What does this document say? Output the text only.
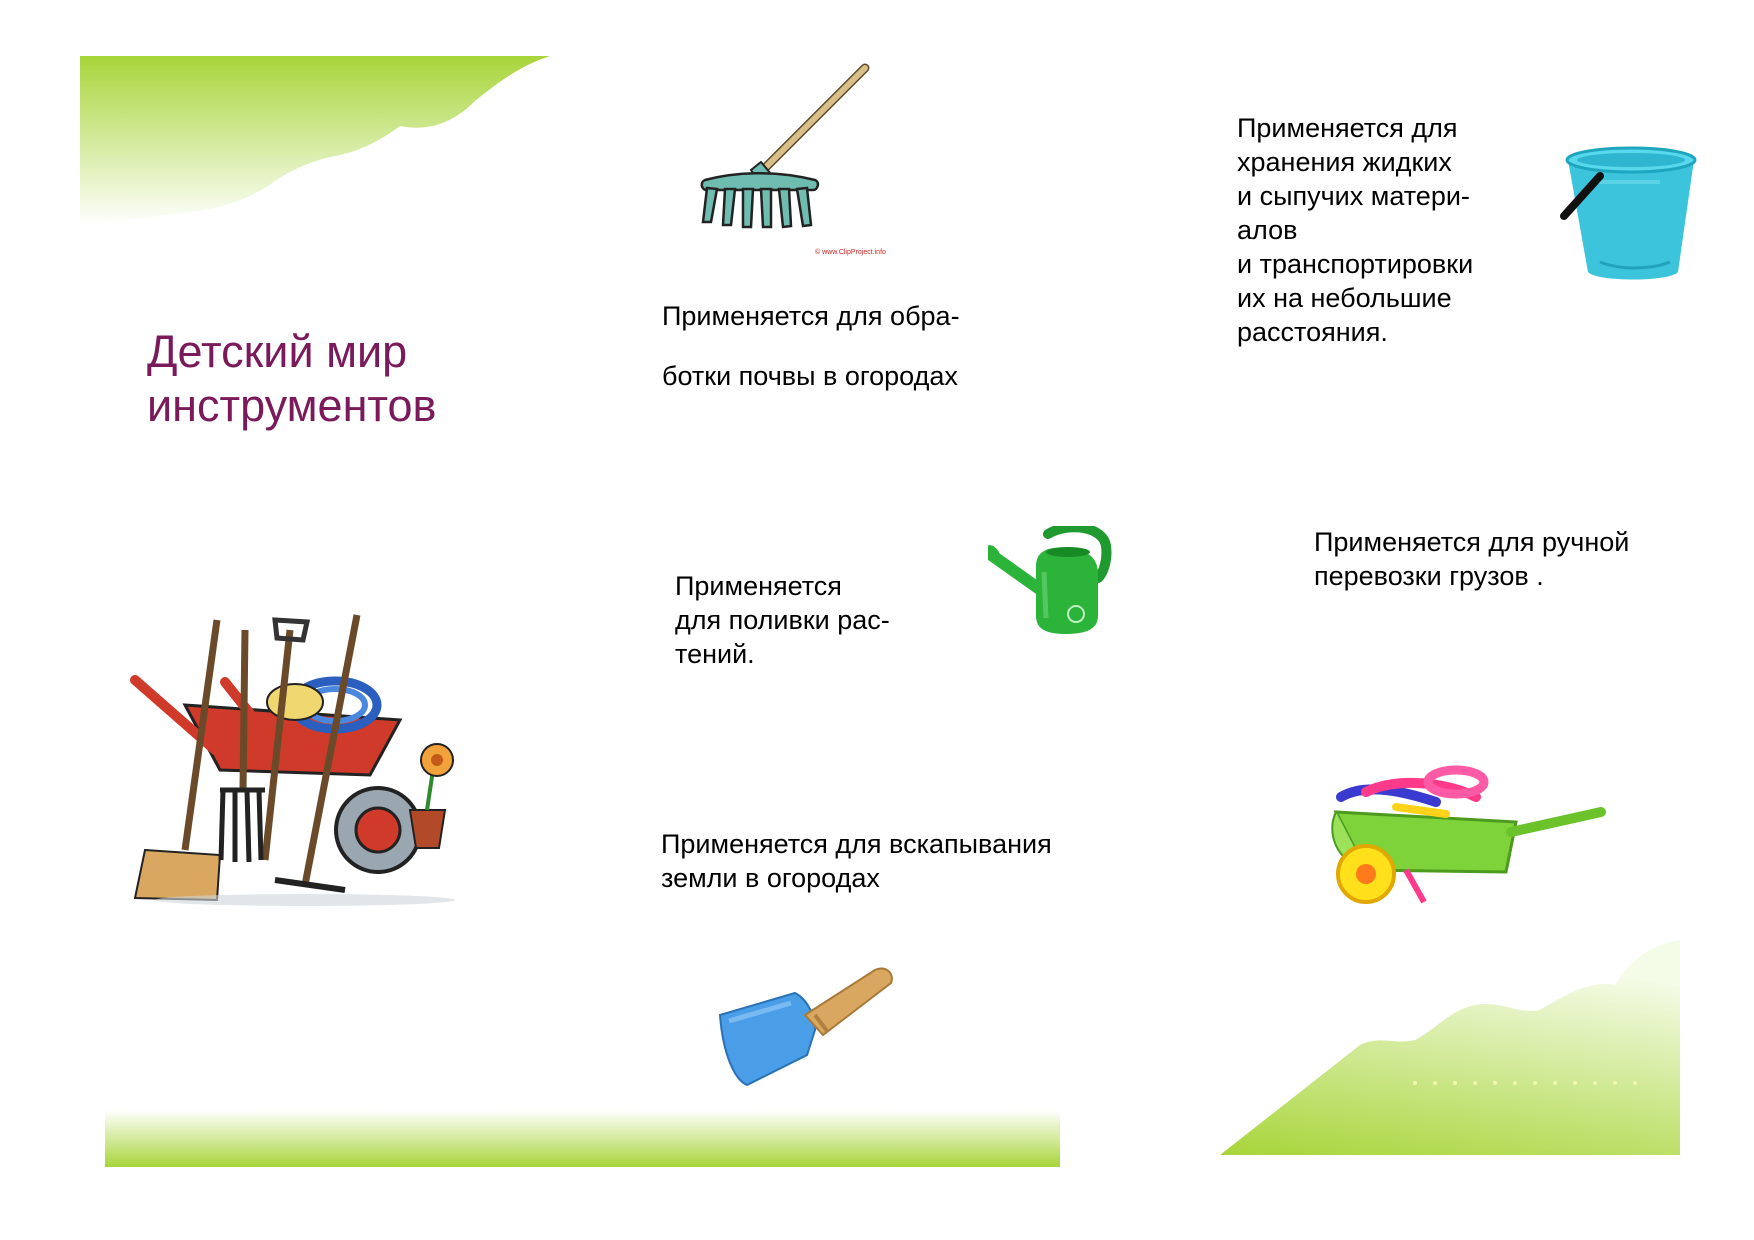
Детский мир
инструментов

© www.ClipProject.info

Применяется для обра-

ботки почвы в огородах

Применяется для
хранения жидких
и сыпучих матери-
алов
и транспортировки
их на небольшие
расстояния.

Применяется
для поливки рас-
тений.

Применяется для ручной
перевозки грузов .

Применяется для вскапывания
земли в огородах
